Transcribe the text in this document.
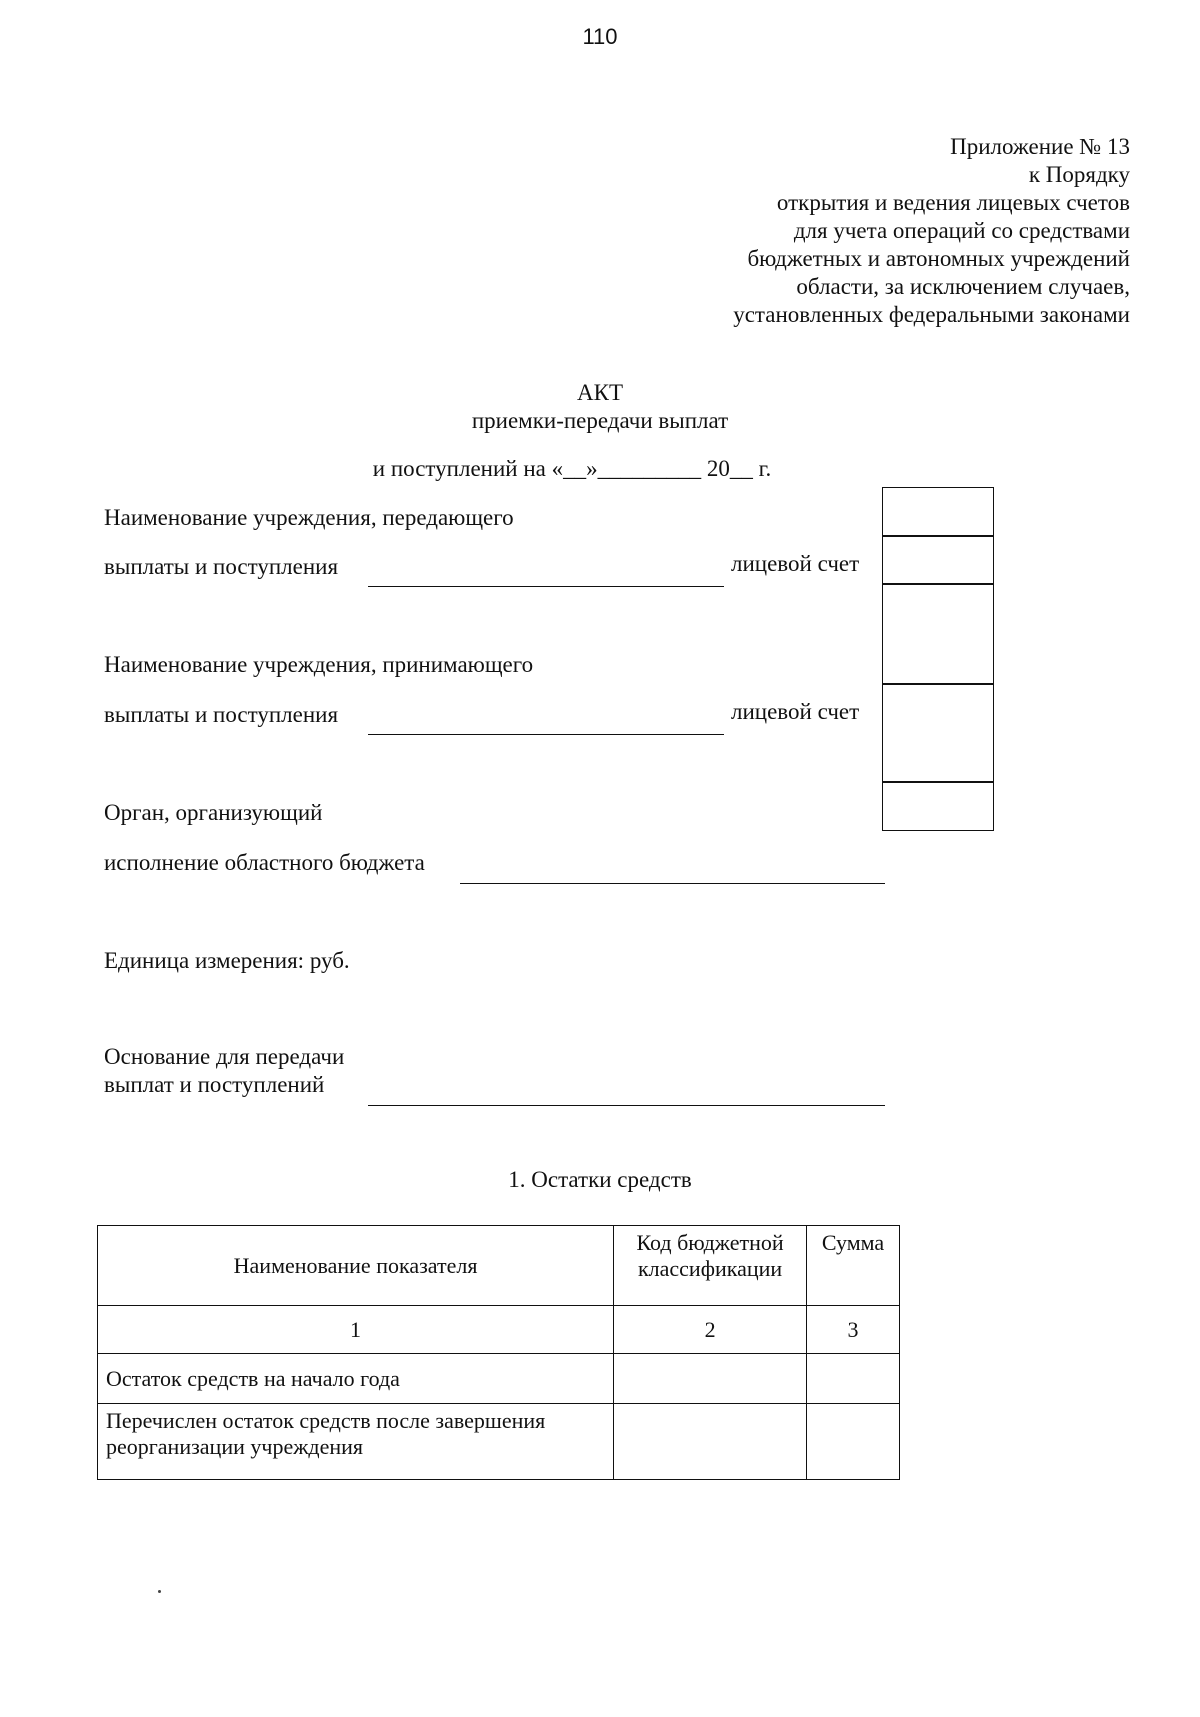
110
Приложение № 13
к Порядку
открытия и ведения лицевых счетов
для учета операций со средствами
бюджетных и автономных учреждений
области, за исключением случаев,
установленных федеральными законами
АКТ
приемки-передачи выплат
и поступлений на «__»_________ 20__ г.
Наименование учреждения, передающего
выплаты и поступления	лицевой счет
Наименование учреждения, принимающего
выплаты и поступления	лицевой счет
Орган, организующий
исполнение областного бюджета
Единица измерения: руб.
Основание для передачи
выплат и поступлений
1. Остатки средств
Наименование показателя	Код бюджетной классификации	Сумма
1	2	3
Остаток средств на начало года		
Перечислен остаток средств после завершения реорганизации учреждения		
